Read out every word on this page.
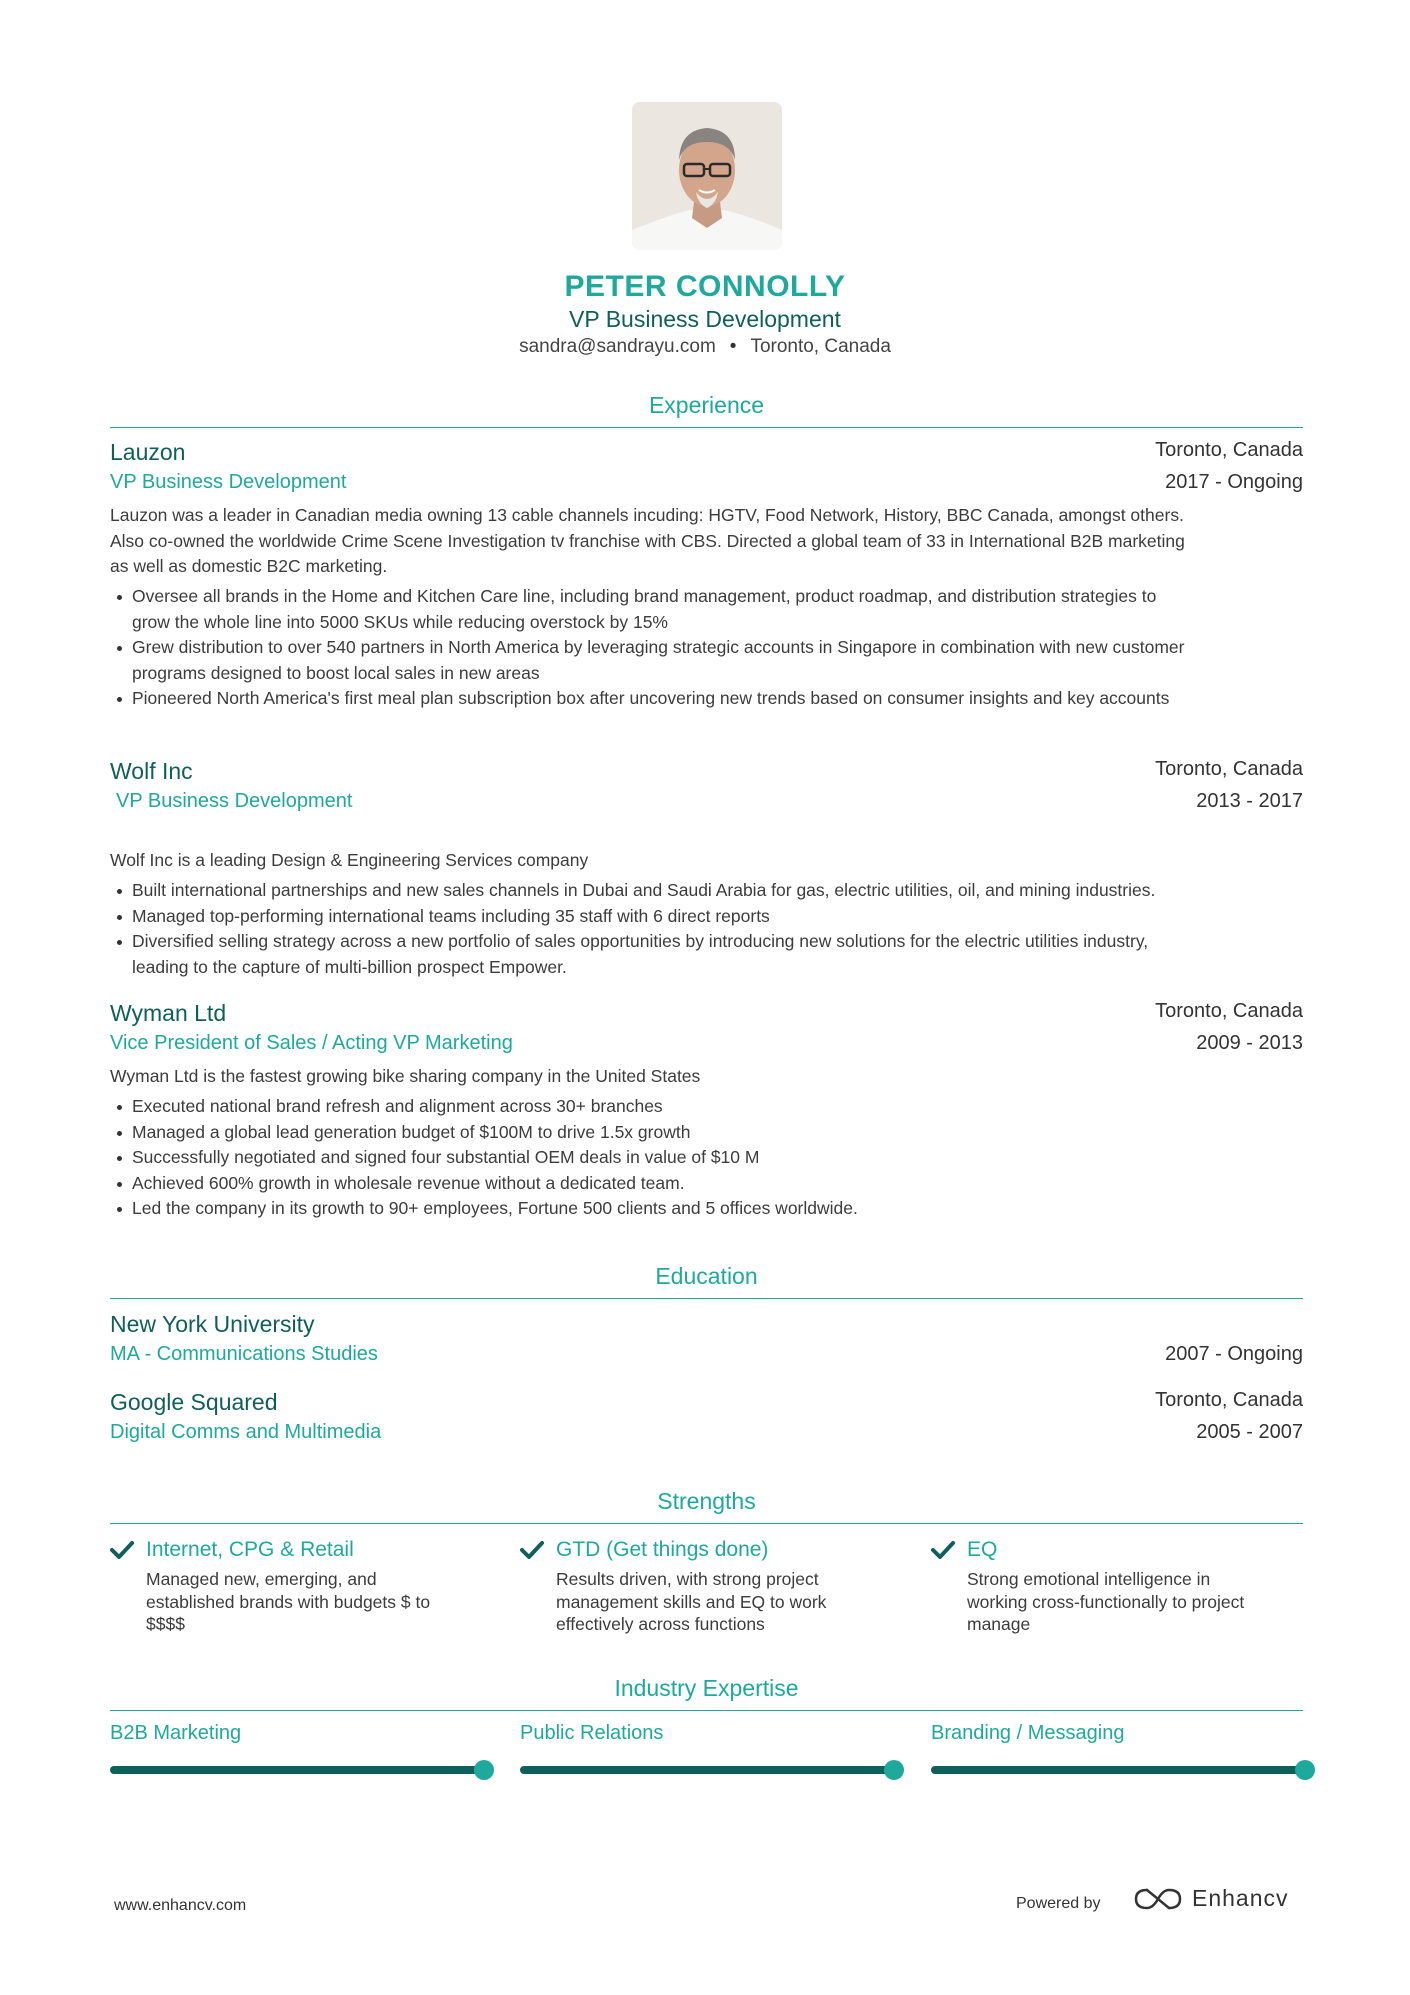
PETER CONNOLLY
VP Business Development
sandra@sandrayu.com • Toronto, Canada
Experience
Lauzon	Toronto, Canada
VP Business Development	2017 - Ongoing
Lauzon was a leader in Canadian media owning 13 cable channels incuding: HGTV, Food Network, History, BBC Canada, amongst others.
Also co-owned the worldwide Crime Scene Investigation tv franchise with CBS. Directed a global team of 33 in International B2B marketing
as well as domestic B2C marketing.
Oversee all brands in the Home and Kitchen Care line, including brand management, product roadmap, and distribution strategies to
grow the whole line into 5000 SKUs while reducing overstock by 15%
Grew distribution to over 540 partners in North America by leveraging strategic accounts in Singapore in combination with new customer
programs designed to boost local sales in new areas
Pioneered North America's first meal plan subscription box after uncovering new trends based on consumer insights and key accounts
Wolf Inc	Toronto, Canada
VP Business Development	2013 - 2017
Wolf Inc is a leading Design & Engineering Services company
Built international partnerships and new sales channels in Dubai and Saudi Arabia for gas, electric utilities, oil, and mining industries.
Managed top-performing international teams including 35 staff with 6 direct reports
Diversified selling strategy across a new portfolio of sales opportunities by introducing new solutions for the electric utilities industry,
leading to the capture of multi-billion prospect Empower.
Wyman Ltd	Toronto, Canada
Vice President of Sales / Acting VP Marketing	2009 - 2013
Wyman Ltd is the fastest growing bike sharing company in the United States
Executed national brand refresh and alignment across 30+ branches
Managed a global lead generation budget of $100M to drive 1.5x growth
Successfully negotiated and signed four substantial OEM deals in value of $10 M
Achieved 600% growth in wholesale revenue without a dedicated team.
Led the company in its growth to 90+ employees, Fortune 500 clients and 5 offices worldwide.
Education
New York University
MA - Communications Studies	2007 - Ongoing
Google Squared	Toronto, Canada
Digital Comms and Multimedia	2005 - 2007
Strengths
Internet, CPG & Retail
Managed new, emerging, and
established brands with budgets $ to
$$$$
GTD (Get things done)
Results driven, with strong project
management skills and EQ to work
effectively across functions
EQ
Strong emotional intelligence in
working cross-functionally to project
manage
Industry Expertise
B2B Marketing	Public Relations	Branding / Messaging
www.enhancv.com	Powered by	Enhancv
